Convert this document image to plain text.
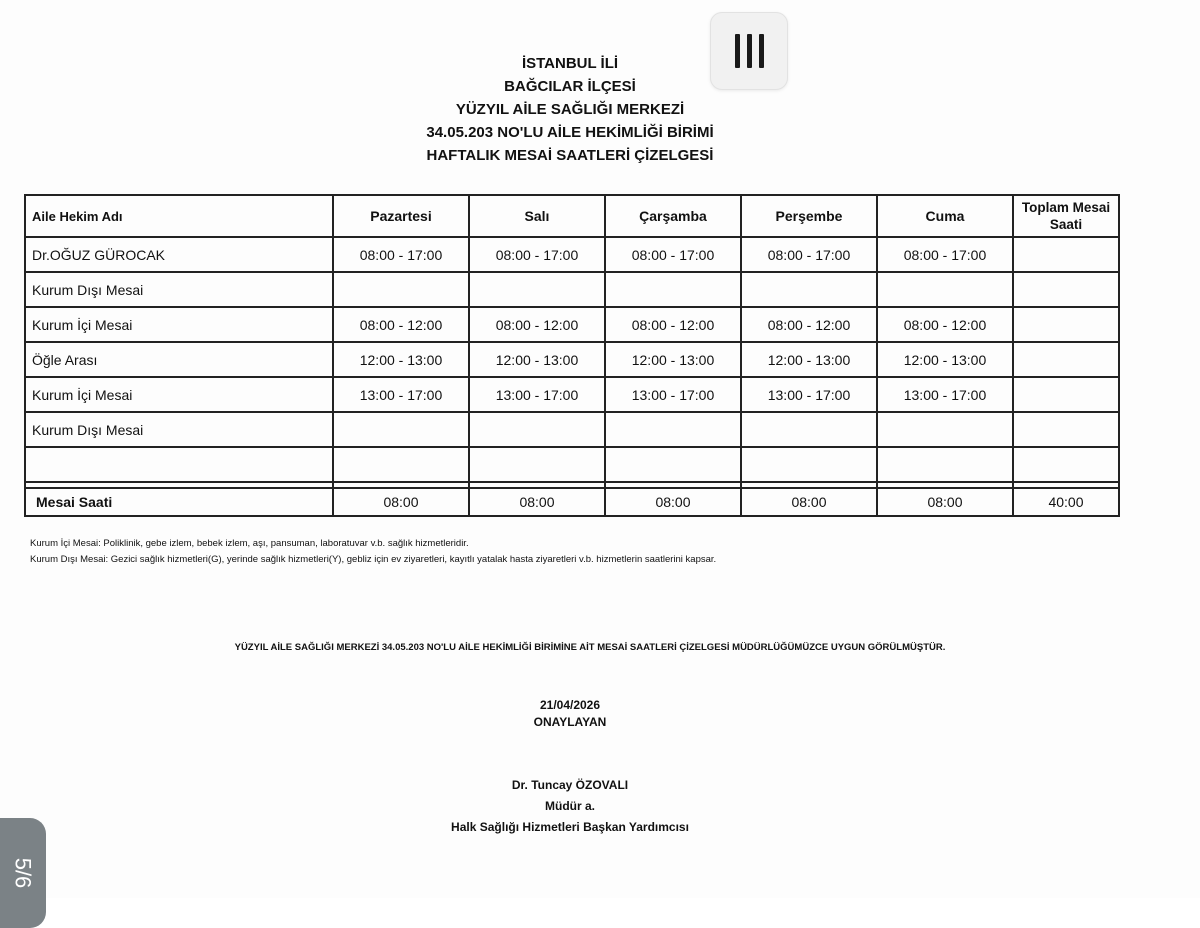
İSTANBUL İLİ
BAĞCILAR İLÇESİ
YÜZYIL AİLE SAĞLIĞI MERKEZİ
34.05.203 NO'LU AİLE HEKİMLİĞİ BİRİMİ
HAFTALIK MESAİ SAATLERİ ÇİZELGESİ
Aile Hekim Adı	Pazartesi	Salı	Çarşamba	Perşembe	Cuma	Toplam Mesai Saati
Dr.OĞUZ GÜROCAK	08:00 - 17:00	08:00 - 17:00	08:00 - 17:00	08:00 - 17:00	08:00 - 17:00	
Kurum Dışı Mesai						
Kurum İçi Mesai	08:00 - 12:00	08:00 - 12:00	08:00 - 12:00	08:00 - 12:00	08:00 - 12:00	
Öğle Arası	12:00 - 13:00	12:00 - 13:00	12:00 - 13:00	12:00 - 13:00	12:00 - 13:00	
Kurum İçi Mesai	13:00 - 17:00	13:00 - 17:00	13:00 - 17:00	13:00 - 17:00	13:00 - 17:00	
Kurum Dışı Mesai						

Mesai Saati	08:00	08:00	08:00	08:00	08:00	40:00
Kurum İçi Mesai: Poliklinik, gebe izlem, bebek izlem, aşı, pansuman, laboratuvar v.b. sağlık hizmetleridir.
Kurum Dışı Mesai: Gezici sağlık hizmetleri(G), yerinde sağlık hizmetleri(Y), gebliz için ev ziyaretleri, kayıtlı yatalak hasta ziyaretleri v.b. hizmetlerin saatlerini kapsar.
YÜZYIL AİLE SAĞLIĞI MERKEZİ 34.05.203 NO'LU AİLE HEKİMLİĞİ BİRİMİNE AİT MESAİ SAATLERİ ÇİZELGESİ MÜDÜRLÜĞÜMÜZCE UYGUN GÖRÜLMÜŞTÜR.
21/04/2026
ONAYLAYAN
Dr. Tuncay ÖZOVALI
Müdür a.
Halk Sağlığı Hizmetleri Başkan Yardımcısı
5/6
